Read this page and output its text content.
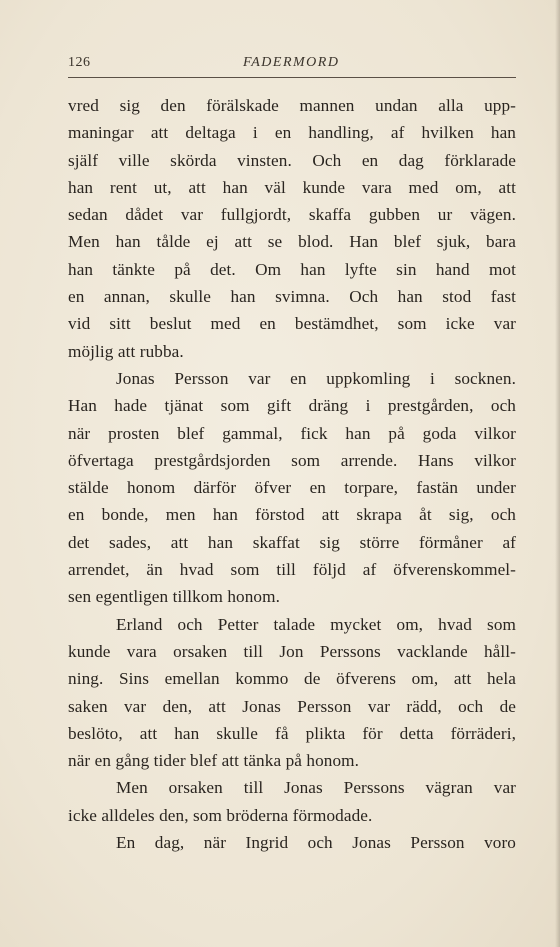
126	FADERMORD
vred sig den förälskade mannen undan alla upp-
maningar att deltaga i en handling, af hvilken han
själf ville skörda vinsten. Och en dag förklarade
han rent ut, att han väl kunde vara med om, att
sedan dådet var fullgjordt, skaffa gubben ur vägen.
Men han tålde ej att se blod. Han blef sjuk, bara
han tänkte på det. Om han lyfte sin hand mot
en annan, skulle han svimna. Och han stod fast
vid sitt beslut med en bestämdhet, som icke var
möjlig att rubba.
Jonas Persson var en uppkomling i socknen.
Han hade tjänat som gift dräng i prestgården, och
när prosten blef gammal, fick han på goda vilkor
öfvertaga prestgårdsjorden som arrende. Hans vilkor
stälde honom därför öfver en torpare, fastän under
en bonde, men han förstod att skrapa åt sig, och
det sades, att han skaffat sig större förmåner af
arrendet, än hvad som till följd af öfverenskommel-
sen egentligen tillkom honom.
Erland och Petter talade mycket om, hvad som
kunde vara orsaken till Jon Perssons vacklande håll-
ning. Sins emellan kommo de öfverens om, att hela
saken var den, att Jonas Persson var rädd, och de
beslöto, att han skulle få plikta för detta förräderi,
när en gång tider blef att tänka på honom.
Men orsaken till Jonas Perssons vägran var
icke alldeles den, som bröderna förmodade.
En dag, när Ingrid och Jonas Persson voro
